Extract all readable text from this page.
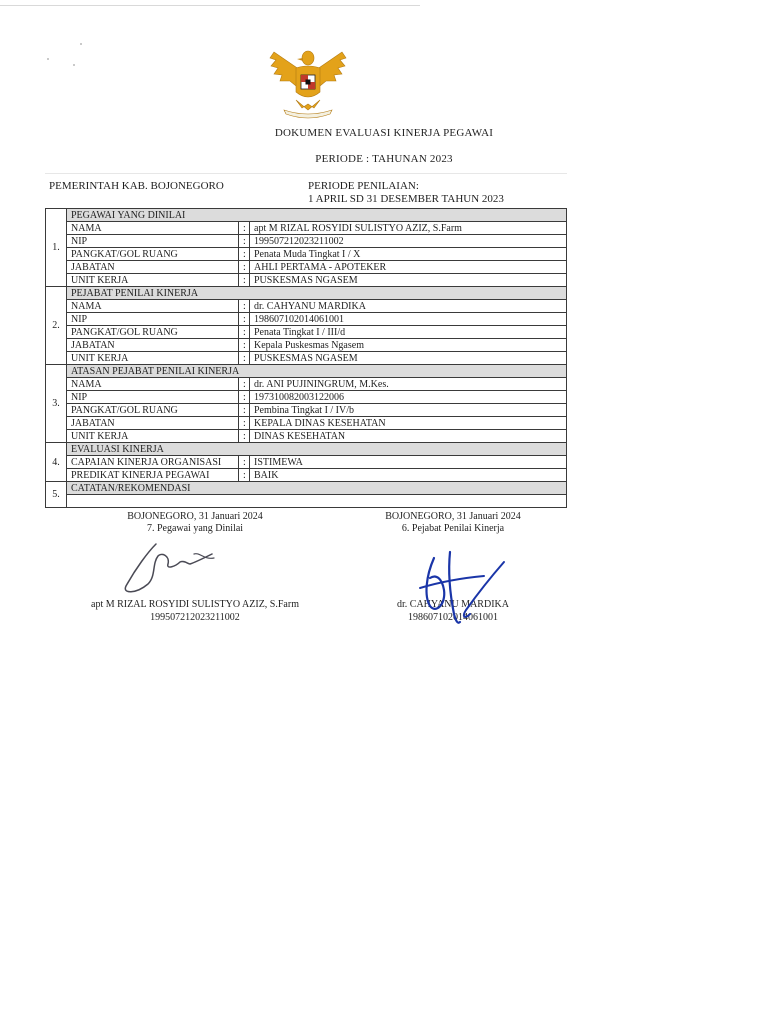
DOKUMEN EVALUASI KINERJA PEGAWAI
PERIODE : TAHUNAN 2023
PEMERINTAH KAB. BOJONEGORO	PERIODE PENILAIAN:
1 APRIL SD 31 DESEMBER TAHUN 2023
1.	PEGAWAI YANG DINILAI		
	NAMA	:	apt M RIZAL ROSYIDI SULISTYO AZIZ, S.Farm
	NIP	:	199507212023211002
	PANGKAT/GOL RUANG	:	Penata Muda Tingkat I / X
	JABATAN	:	AHLI PERTAMA - APOTEKER
	UNIT KERJA	:	PUSKESMAS NGASEM
2.	PEJABAT PENILAI KINERJA		
	NAMA	:	dr. CAHYANU MARDIKA
	NIP	:	198607102014061001
	PANGKAT/GOL RUANG	:	Penata Tingkat I / III/d
	JABATAN	:	Kepala Puskesmas Ngasem
	UNIT KERJA	:	PUSKESMAS NGASEM
3.	ATASAN PEJABAT PENILAI KINERJA		
	NAMA	:	dr. ANI PUJININGRUM, M.Kes.
	NIP	:	197310082003122006
	PANGKAT/GOL RUANG	:	Pembina Tingkat I / IV/b
	JABATAN	:	KEPALA DINAS KESEHATAN
	UNIT KERJA	:	DINAS KESEHATAN
4.	EVALUASI KINERJA		
	CAPAIAN KINERJA ORGANISASI	:	ISTIMEWA
	PREDIKAT KINERJA PEGAWAI	:	BAIK
5.	CATATAN/REKOMENDASI		

BOJONEGORO, 31 Januari 2024
7. Pegawai yang Dinilai
apt M RIZAL ROSYIDI SULISTYO AZIZ, S.Farm
199507212023211002
BOJONEGORO, 31 Januari 2024
6. Pejabat Penilai Kinerja
dr. CAHYANU MARDIKA
198607102014061001
